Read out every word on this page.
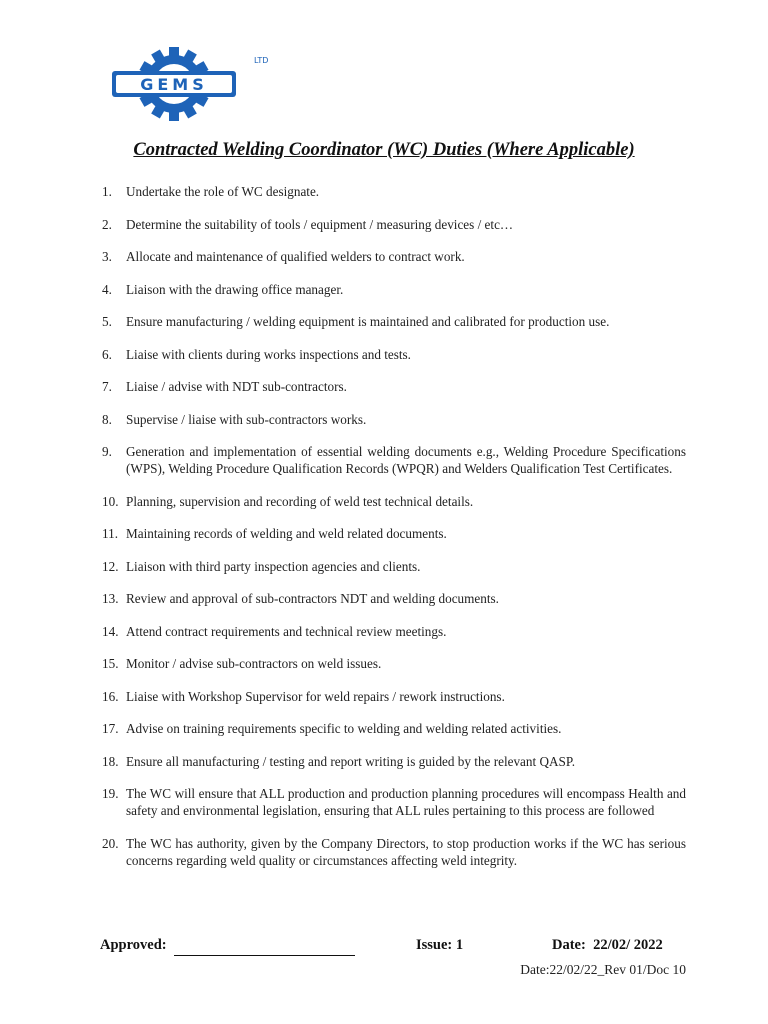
GEMS
LTD
Contracted Welding Coordinator (WC) Duties (Where Applicable)
1.	Undertake the role of WC designate.
2.	Determine the suitability of tools / equipment / measuring devices / etc…
3.	Allocate and maintenance of qualified welders to contract work.
4.	Liaison with the drawing office manager.
5.	Ensure manufacturing / welding equipment is maintained and calibrated for production use.
6.	Liaise with clients during works inspections and tests.
7.	Liaise / advise with NDT sub-contractors.
8.	Supervise / liaise with sub-contractors works.
9.	Generation and implementation of essential welding documents e.g., Welding Procedure Specifications (WPS), Welding Procedure Qualification Records (WPQR) and Welders Qualification Test Certificates.
10. Planning, supervision and recording of weld test technical details.
11. Maintaining records of welding and weld related documents.
12. Liaison with third party inspection agencies and clients.
13. Review and approval of sub-contractors NDT and welding documents.
14. Attend contract requirements and technical review meetings.
15. Monitor / advise sub-contractors on weld issues.
16. Liaise with Workshop Supervisor for weld repairs / rework instructions.
17. Advise on training requirements specific to welding and welding related activities.
18. Ensure all manufacturing / testing and report writing is guided by the relevant QASP.
19. The WC will ensure that ALL production and production planning procedures will encompass Health and safety and environmental legislation, ensuring that ALL rules pertaining to this process are followed
20. The WC has authority, given by the Company Directors, to stop production works if the WC has serious concerns regarding weld quality or circumstances affecting weld integrity.
Approved:	Issue: 1	Date:  22/02/ 2022
Date:22/02/22_Rev 01/Doc 10
